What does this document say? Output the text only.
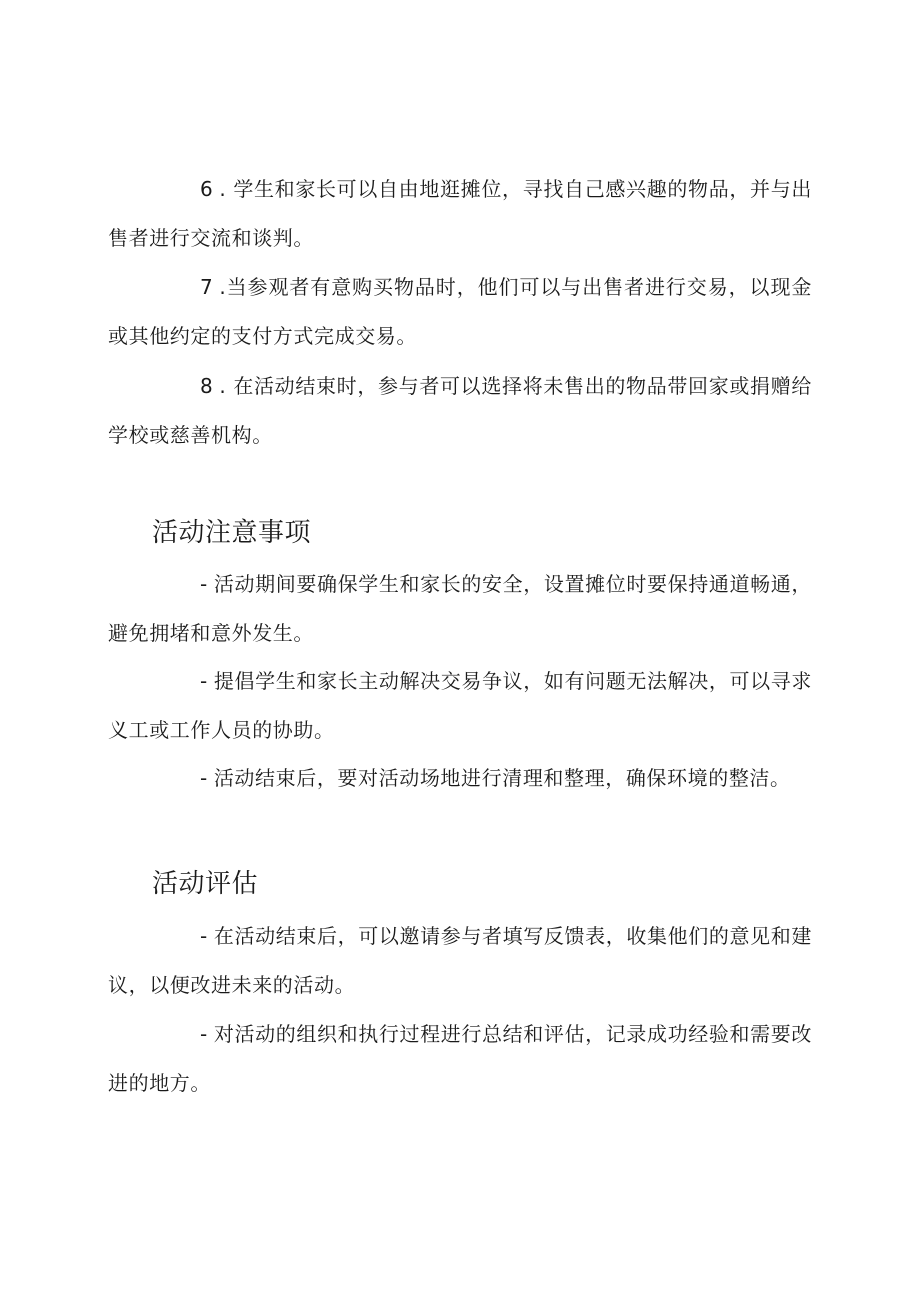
6 . 学生和家长可以自由地逛摊位，寻找自己感兴趣的物品，并与出售者进行交流和谈判。

7 .当参观者有意购买物品时，他们可以与出售者进行交易，以现金或其他约定的支付方式完成交易。

8 . 在活动结束时，参与者可以选择将未售出的物品带回家或捐赠给学校或慈善机构。

活动注意事项

- 活动期间要确保学生和家长的安全，设置摊位时要保持通道畅通，避免拥堵和意外发生。

- 提倡学生和家长主动解决交易争议，如有问题无法解决，可以寻求义工或工作人员的协助。

- 活动结束后，要对活动场地进行清理和整理，确保环境的整洁。

活动评估

- 在活动结束后，可以邀请参与者填写反馈表，收集他们的意见和建议，以便改进未来的活动。

- 对活动的组织和执行过程进行总结和评估，记录成功经验和需要改进的地方。
